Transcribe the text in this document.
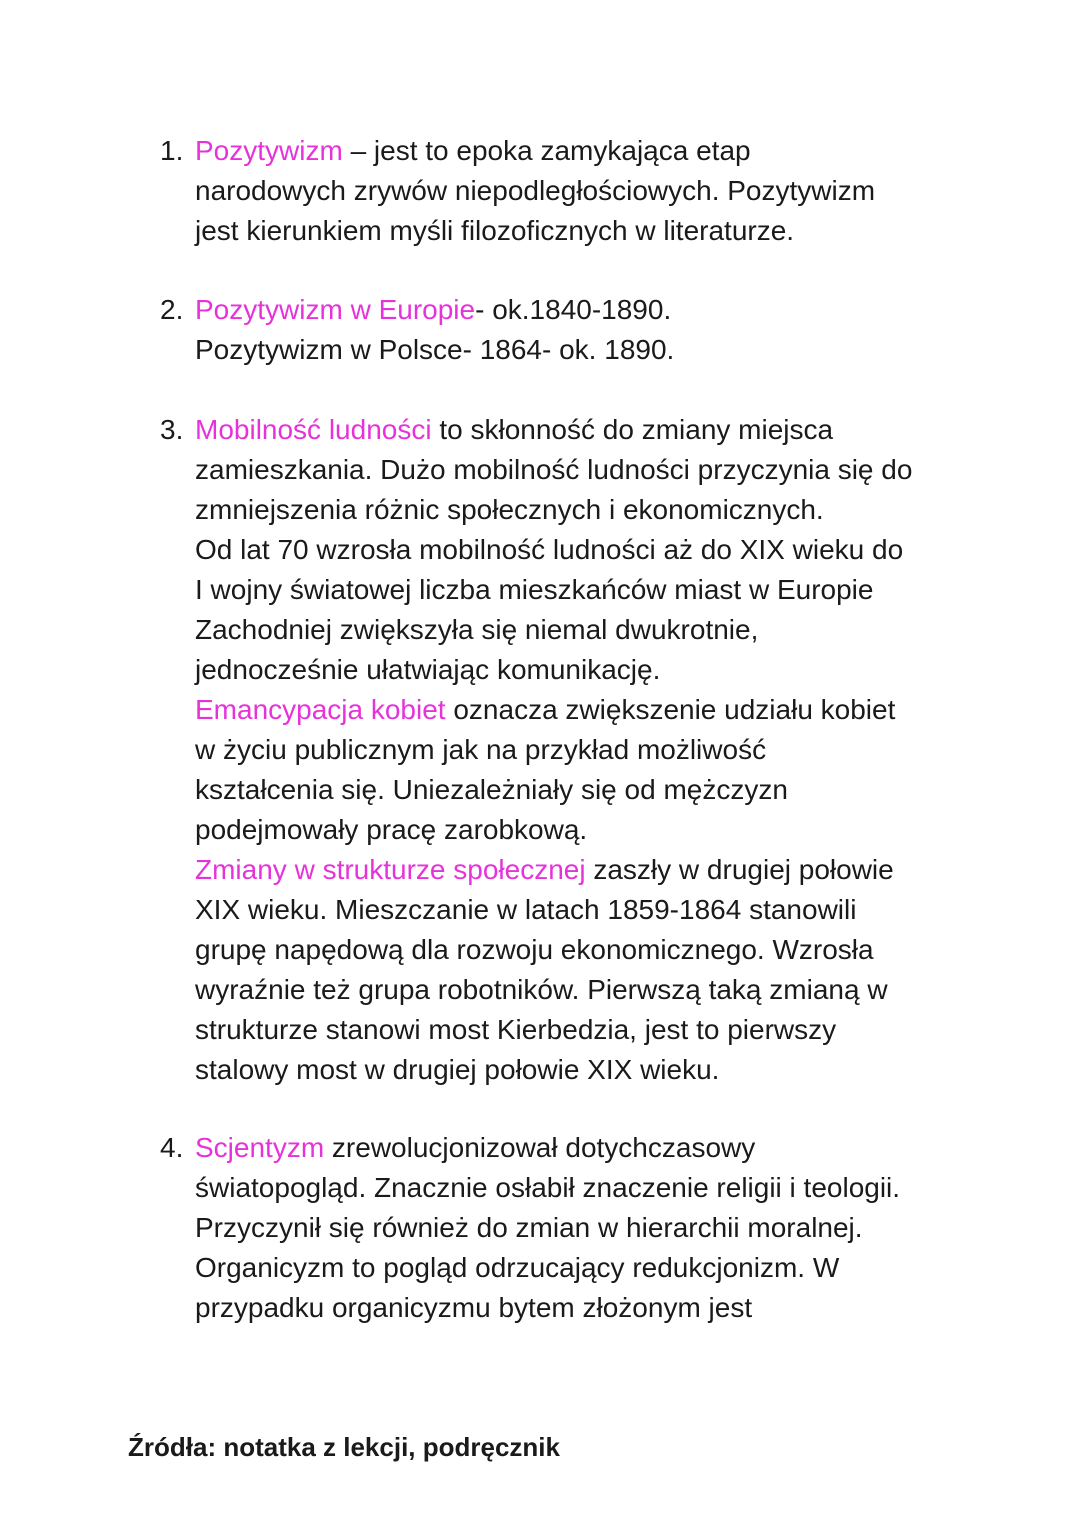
1. Pozytywizm – jest to epoka zamykająca etap
narodowych zrywów niepodległościowych. Pozytywizm
jest kierunkiem myśli filozoficznych w literaturze.
2. Pozytywizm w Europie- ok.1840-1890.
Pozytywizm w Polsce- 1864- ok. 1890.
3. Mobilność ludności to skłonność do zmiany miejsca
zamieszkania. Dużo mobilność ludności przyczynia się do
zmniejszenia różnic społecznych i ekonomicznych.
Od lat 70 wzrosła mobilność ludności aż do XIX wieku do
I wojny światowej liczba mieszkańców miast w Europie
Zachodniej zwiększyła się niemal dwukrotnie,
jednocześnie ułatwiając komunikację.
Emancypacja kobiet oznacza zwiększenie udziału kobiet
w życiu publicznym jak na przykład możliwość
kształcenia się. Uniezależniały się od mężczyzn
podejmowały pracę zarobkową.
Zmiany w strukturze społecznej zaszły w drugiej połowie
XIX wieku. Mieszczanie w latach 1859-1864 stanowili
grupę napędową dla rozwoju ekonomicznego. Wzrosła
wyraźnie też grupa robotników. Pierwszą taką zmianą w
strukturze stanowi most Kierbedzia, jest to pierwszy
stalowy most w drugiej połowie XIX wieku.
4. Scjentyzm zrewolucjonizował dotychczasowy
światopogląd. Znacznie osłabił znaczenie religii i teologii.
Przyczynił się również do zmian w hierarchii moralnej.
Organicyzm to pogląd odrzucający redukcjonizm. W
przypadku organicyzmu bytem złożonym jest
Źródła: notatka z lekcji, podręcznik
